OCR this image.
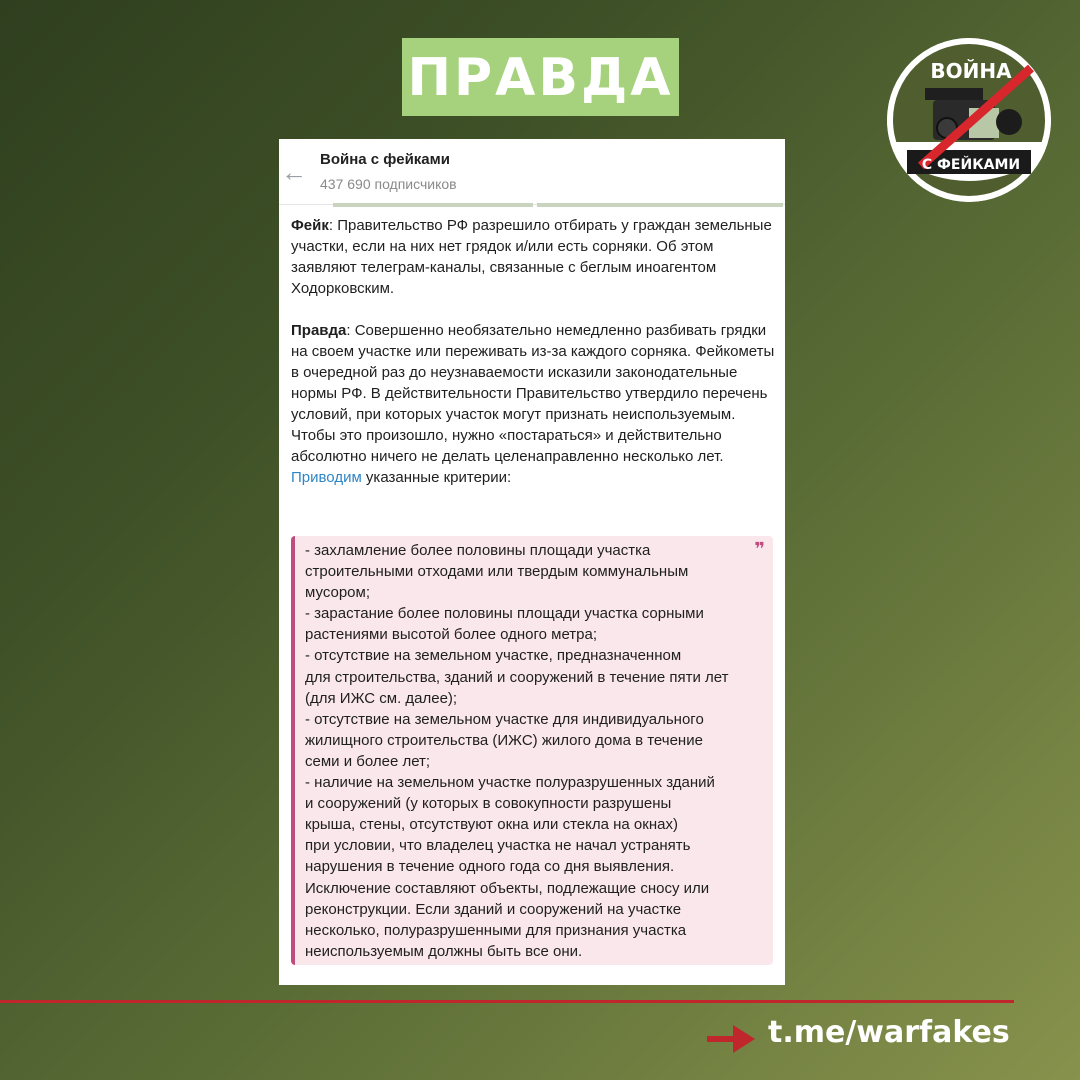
ПРАВДА	ВОЙНА
С ФЕЙКАМИ
← Война с фейками
437 690 подписчиков

Фейк: Правительство РФ разрешило отбирать у граждан земельные участки, если на них нет грядок и/или есть сорняки. Об этом заявляют телеграм-каналы, связанные с беглым иноагентом Ходорковским.

Правда: Совершенно необязательно немедленно разбивать грядки на своем участке или переживать из-за каждого сорняка. Фейкометы в очередной раз до неузнаваемости исказили законодательные нормы РФ. В действительности Правительство утвердило перечень условий, при которых участок могут признать неиспользуемым. Чтобы это произошло, нужно «постараться» и действительно абсолютно ничего не делать целенаправленно несколько лет. Приводим указанные критерии:

❞
- захламление более половины площади участка
строительными отходами или твердым коммунальным
мусором;
- зарастание более половины площади участка сорными
растениями высотой более одного метра;
- отсутствие на земельном участке, предназначенном
для строительства, зданий и сооружений в течение пяти лет
(для ИЖС см. далее);
- отсутствие на земельном участке для индивидуального
жилищного строительства (ИЖС) жилого дома в течение
семи и более лет;
- наличие на земельном участке полуразрушенных зданий
и сооружений (у которых в совокупности разрушены
крыша, стены, отсутствуют окна или стекла на окнах)
при условии, что владелец участка не начал устранять
нарушения в течение одного года со дня выявления.
Исключение составляют объекты, подлежащие сносу или
реконструкции. Если зданий и сооружений на участке
несколько, полуразрушенными для признания участка
неиспользуемым должны быть все они.
t.me/warfakes
